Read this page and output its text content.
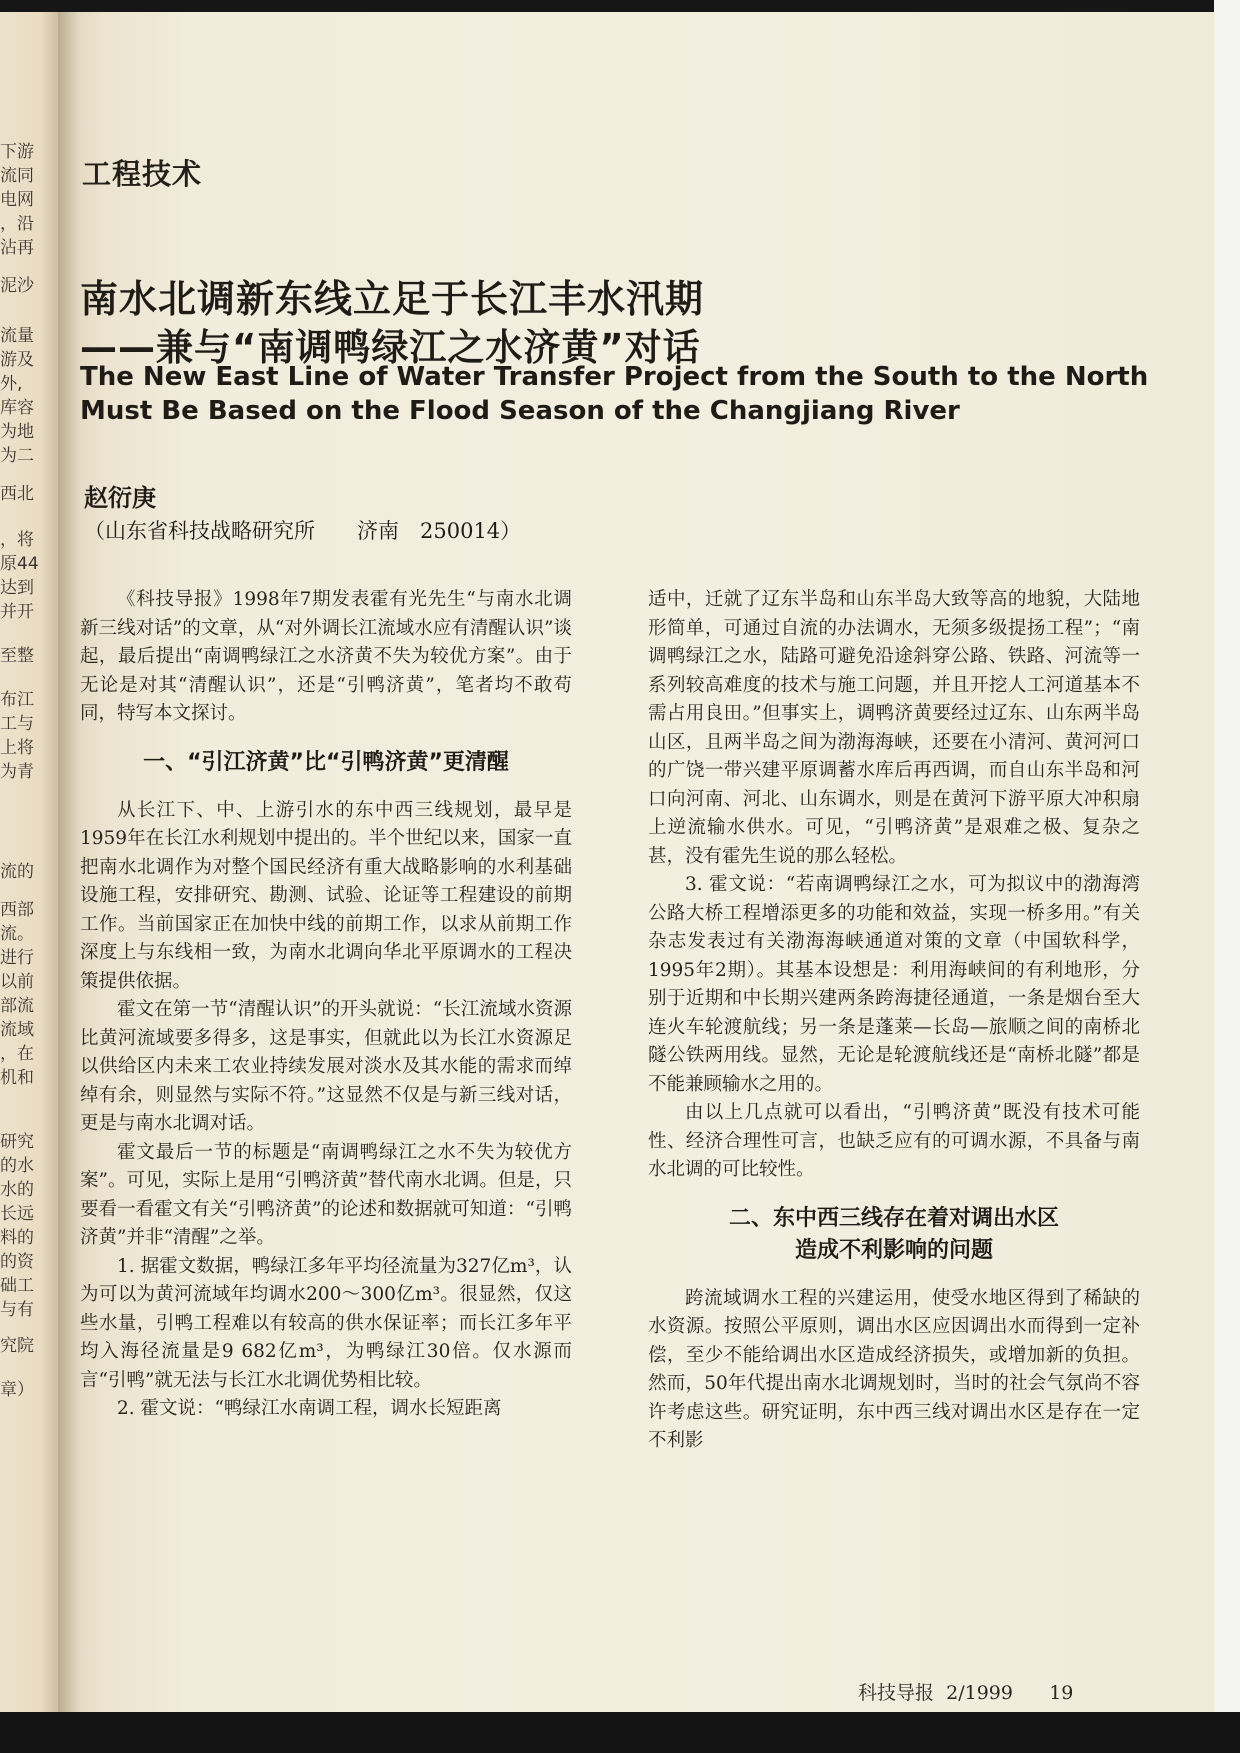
下游
流同
电网
，沿
沾再
泥沙
流量
游及
外,
库容
为地
为二
西北
，将
原44
达到
并开
至整
布江
工与
上将
为青
流的
西部
流。
进行
以前
部流
流域
，在
机和
研究
的水
水的
长远
料的
的资
础工
与有
究院
章）

工程技术
南水北调新东线立足于长江丰水汛期
——兼与“南调鸭绿江之水济黄”对话
The New East Line of Water Transfer Project from the South to the North
Must Be Based on the Flood Season of the Changjiang River
赵衍庚
（山东省科技战略研究所　　济南　250014）

《科技导报》1998年7期发表霍有光先生“与南水北调新三线对话”的文章，从“对外调长江流域水应有清醒认识”谈起，最后提出“南调鸭绿江之水济黄不失为较优方案”。由于无论是对其“清醒认识”，还是“引鸭济黄”，笔者均不敢苟同，特写本文探讨。

一、“引江济黄”比“引鸭济黄”更清醒

从长江下、中、上游引水的东中西三线规划，最早是1959年在长江水利规划中提出的。半个世纪以来，国家一直把南水北调作为对整个国民经济有重大战略影响的水利基础设施工程，安排研究、勘测、试验、论证等工程建设的前期工作。当前国家正在加快中线的前期工作，以求从前期工作深度上与东线相一致，为南水北调向华北平原调水的工程决策提供依据。

霍文在第一节“清醒认识”的开头就说：“长江流域水资源比黄河流域要多得多，这是事实，但就此以为长江水资源足以供给区内未来工农业持续发展对淡水及其水能的需求而绰绰有余，则显然与实际不符。”这显然不仅是与新三线对话，更是与南水北调对话。

霍文最后一节的标题是“南调鸭绿江之水不失为较优方案”。可见，实际上是用“引鸭济黄”替代南水北调。但是，只要看一看霍文有关“引鸭济黄”的论述和数据就可知道：“引鸭济黄”并非“清醒”之举。

1. 据霍文数据，鸭绿江多年平均径流量为327亿m³，认为可以为黄河流域年均调水200～300亿m³。很显然，仅这些水量，引鸭工程难以有较高的供水保证率；而长江多年平均入海径流量是9 682亿m³，为鸭绿江30倍。仅水源而言“引鸭”就无法与长江水北调优势相比较。

2. 霍文说：“鸭绿江水南调工程，调水长短距离

适中，迁就了辽东半岛和山东半岛大致等高的地貌，大陆地形简单，可通过自流的办法调水，无须多级提扬工程”；“南调鸭绿江之水，陆路可避免沿途斜穿公路、铁路、河流等一系列较高难度的技术与施工问题，并且开挖人工河道基本不需占用良田。”但事实上，调鸭济黄要经过辽东、山东两半岛山区，且两半岛之间为渤海海峡，还要在小清河、黄河河口的广饶一带兴建平原调蓄水库后再西调，而自山东半岛和河口向河南、河北、山东调水，则是在黄河下游平原大冲积扇上逆流输水供水。可见，“引鸭济黄”是艰难之极、复杂之甚，没有霍先生说的那么轻松。

3. 霍文说：“若南调鸭绿江之水，可为拟议中的渤海湾公路大桥工程增添更多的功能和效益，实现一桥多用。”有关杂志发表过有关渤海海峡通道对策的文章（中国软科学，1995年2期）。其基本设想是：利用海峡间的有利地形，分别于近期和中长期兴建两条跨海捷径通道，一条是烟台至大连火车轮渡航线；另一条是蓬莱—长岛—旅顺之间的南桥北隧公铁两用线。显然，无论是轮渡航线还是“南桥北隧”都是不能兼顾输水之用的。

由以上几点就可以看出，“引鸭济黄”既没有技术可能性、经济合理性可言，也缺乏应有的可调水源，不具备与南水北调的可比较性。

二、东中西三线存在着对调出水区
造成不利影响的问题

跨流域调水工程的兴建运用，使受水地区得到了稀缺的水资源。按照公平原则，调出水区应因调出水而得到一定补偿，至少不能给调出水区造成经济损失，或增加新的负担。然而，50年代提出南水北调规划时，当时的社会气氛尚不容许考虑这些。研究证明，东中西三线对调出水区是存在一定不利影

科技导报 2/1999 19
